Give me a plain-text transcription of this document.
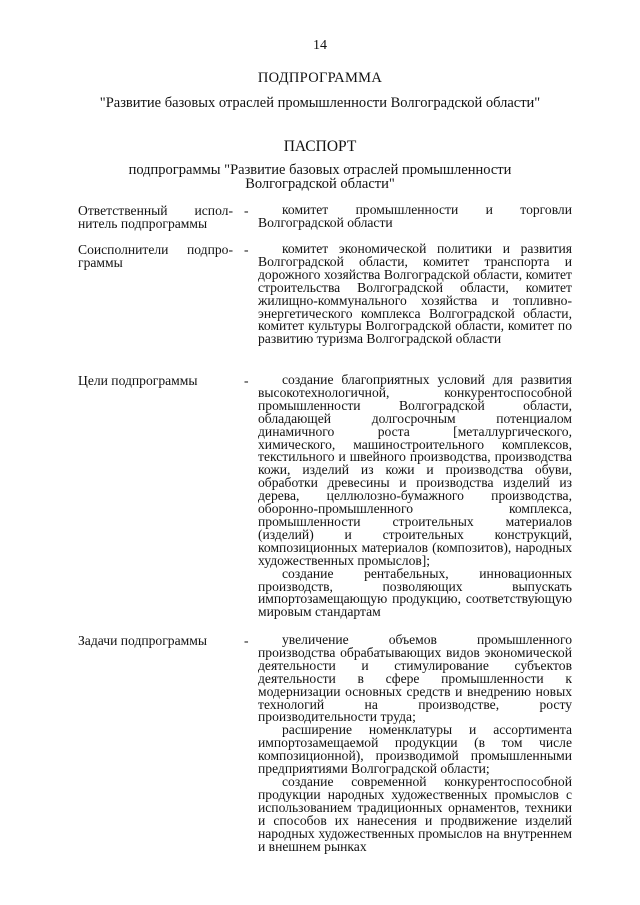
14
ПОДПРОГРАММА
"Развитие базовых отраслей промышленности Волгоградской области"
ПАСПОРТ
подпрограммы "Развитие базовых отраслей промышленности
Волгоградской области"
Ответственный испол-
нитель подпрограммы
-	комитет промышленности и торговли Волгоградской области

Соисполнители подпро-
граммы
-	комитет экономической политики и развития Волгоградской области, комитет транспорта и дорожного хозяйства Волгоградской области, комитет строительства Волгоградской области, комитет жилищно-коммунального хозяйства и топливно-энергетического комплекса Волгоградской области, комитет культуры Волгоградской области, комитет по развитию туризма Волгоградской области

Цели подпрограммы	-	создание благоприятных условий для развития высокотехнологичной, конкурентоспособной промышленности Волгоградской области, обладающей долгосрочным потенциалом динамичного роста [металлургического, химического, машиностроительного комплексов, текстильного и швейного производства, производства кожи, изделий из кожи и производства обуви, обработки древесины и производства изделий из дерева, целлюлозно-бумажного производства, оборонно-промышленного комплекса, промышленности строительных материалов (изделий) и строительных конструкций, композиционных материалов (композитов), народных художественных промыслов];

создание рентабельных, инновационных производств, позволяющих выпускать импортозамещающую продукцию, соответствующую мировым стандартам

Задачи подпрограммы	-	увеличение объемов промышленного производства обрабатывающих видов экономической деятельности и стимулирование субъектов деятельности в сфере промышленности к модернизации основных средств и внедрению новых технологий на производстве, росту производительности труда;

расширение номенклатуры и ассортимента импортозамещаемой продукции (в том числе композиционной), производимой промышленными предприятиями Волгоградской области;

создание современной конкурентоспособной продукции народных художественных промыслов с использованием традиционных орнаментов, техники и способов их нанесения и продвижение изделий народных художественных промыслов на внутреннем и внешнем рынках
